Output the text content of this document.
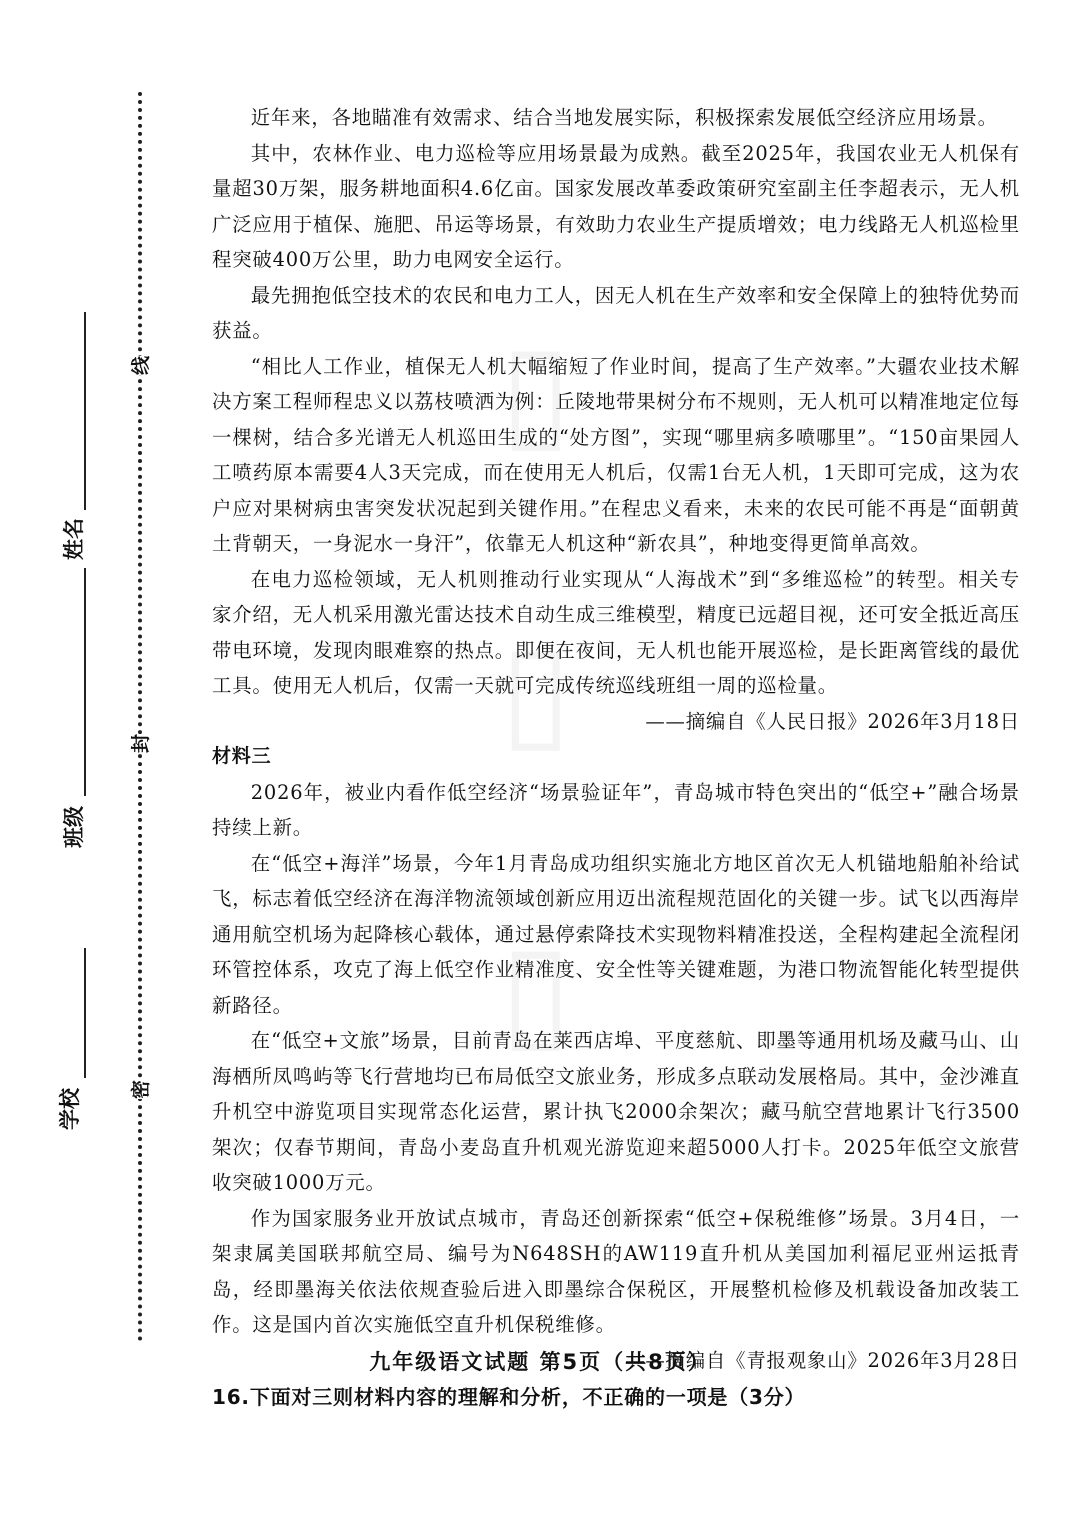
学校
班级
姓名
密
封
线

近年来，各地瞄准有效需求、结合当地发展实际，积极探索发展低空经济应用场景。

其中，农林作业、电力巡检等应用场景最为成熟。截至2025年，我国农业无人机保有量超30万架，服务耕地面积4.6亿亩。国家发展改革委政策研究室副主任李超表示，无人机广泛应用于植保、施肥、吊运等场景，有效助力农业生产提质增效；电力线路无人机巡检里程突破400万公里，助力电网安全运行。

最先拥抱低空技术的农民和电力工人，因无人机在生产效率和安全保障上的独特优势而获益。

“相比人工作业，植保无人机大幅缩短了作业时间，提高了生产效率。”大疆农业技术解决方案工程师程忠义以荔枝喷洒为例：丘陵地带果树分布不规则，无人机可以精准地定位每一棵树，结合多光谱无人机巡田生成的“处方图”，实现“哪里病多喷哪里”。“150亩果园人工喷药原本需要4人3天完成，而在使用无人机后，仅需1台无人机，1天即可完成，这为农户应对果树病虫害突发状况起到关键作用。”在程忠义看来，未来的农民可能不再是“面朝黄土背朝天，一身泥水一身汗”，依靠无人机这种“新农具”，种地变得更简单高效。

在电力巡检领域，无人机则推动行业实现从“人海战术”到“多维巡检”的转型。相关专家介绍，无人机采用激光雷达技术自动生成三维模型，精度已远超目视，还可安全抵近高压带电环境，发现肉眼难察的热点。即便在夜间，无人机也能开展巡检，是长距离管线的最优工具。使用无人机后，仅需一天就可完成传统巡线班组一周的巡检量。

——摘编自《人民日报》2026年3月18日

材料三

2026年，被业内看作低空经济“场景验证年”，青岛城市特色突出的“低空+”融合场景持续上新。

在“低空+海洋”场景，今年1月青岛成功组织实施北方地区首次无人机锚地船舶补给试飞，标志着低空经济在海洋物流领域创新应用迈出流程规范固化的关键一步。试飞以西海岸通用航空机场为起降核心载体，通过悬停索降技术实现物料精准投送，全程构建起全流程闭环管控体系，攻克了海上低空作业精准度、安全性等关键难题，为港口物流智能化转型提供新路径。

在“低空+文旅”场景，目前青岛在莱西店埠、平度慈航、即墨等通用机场及藏马山、山海栖所凤鸣屿等飞行营地均已布局低空文旅业务，形成多点联动发展格局。其中，金沙滩直升机空中游览项目实现常态化运营，累计执飞2000余架次；藏马航空营地累计飞行3500架次；仅春节期间，青岛小麦岛直升机观光游览迎来超5000人打卡。2025年低空文旅营收突破1000万元。

作为国家服务业开放试点城市，青岛还创新探索“低空+保税维修”场景。3月4日，一架隶属美国联邦航空局、编号为N648SH的AW119直升机从美国加利福尼亚州运抵青岛，经即墨海关依法依规查验后进入即墨综合保税区，开展整机检修及机载设备加改装工作。这是国内首次实施低空直升机保税维修。

——摘编自《青报观象山》2026年3月28日

16.下面对三则材料内容的理解和分析，不正确的一项是（3分）

九年级语文试题 第5页（共8页）
